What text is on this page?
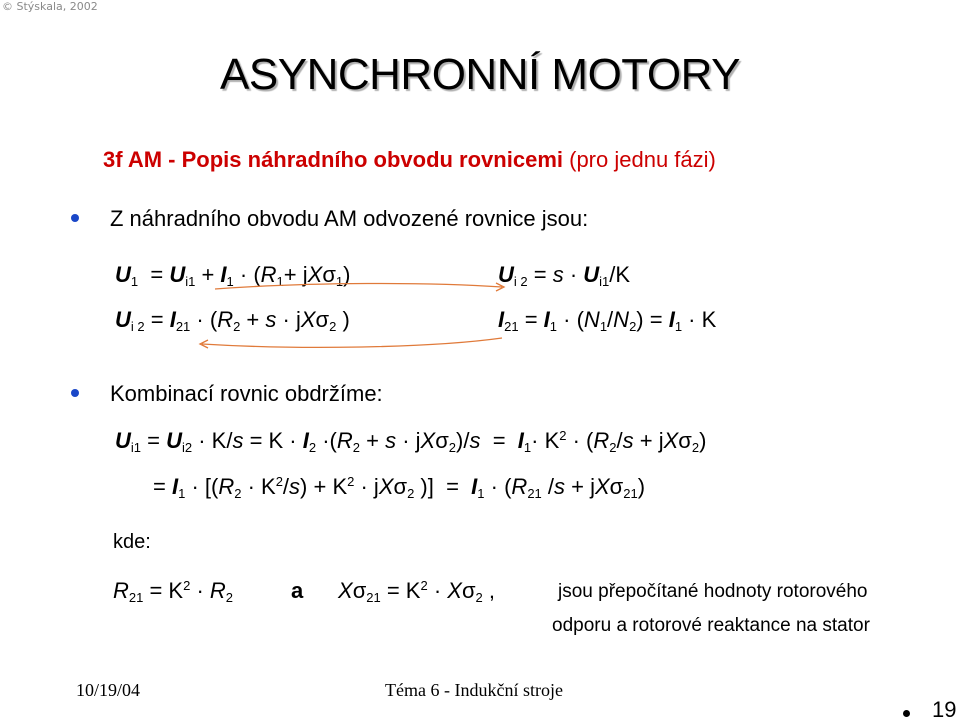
© Stýskala, 2002
ASYNCHRONNÍ MOTORY
3f AM - Popis náhradního obvodu rovnicemi (pro jednu fázi)
Z náhradního obvodu AM odvozené rovnice jsou:
$U_1 = U_{i1} + I_1 \cdot (R_1+ jX\sigma_1)$	$U_{i 2} = s \cdot U_{i1}/K$
$U_{i 2} = I_{21} \cdot (R_2 + s \cdot jX\sigma_2$ )	$I_{21} = I_1 \cdot (N_1/N_2) = I_1 \cdot K$
Kombinací rovnic obdržíme:
$U_{i1} = U_{i2} \cdot K/s = K \cdot I_2 \cdot(R_2 + s \cdot jX\sigma_2)/s = I_1\cdot K^2 \cdot (R_2/s + jX\sigma_2)$
= $I_1 \cdot [(R_2 \cdot K^2/s) + K^2 \cdot jX\sigma_2$ )]  =  $I_1 \cdot (R_{21}$ /s + jXσ$_{21}$)
kde:
$R_{21} = K^2 \cdot R_2$	a $X\sigma_{21} = K^2 \cdot X\sigma_2$ ,	jsou přepočítané hodnoty rotorového
odporu a rotorové reaktance na stator
10/19/04	Téma 6 - Indukční stroje
19
